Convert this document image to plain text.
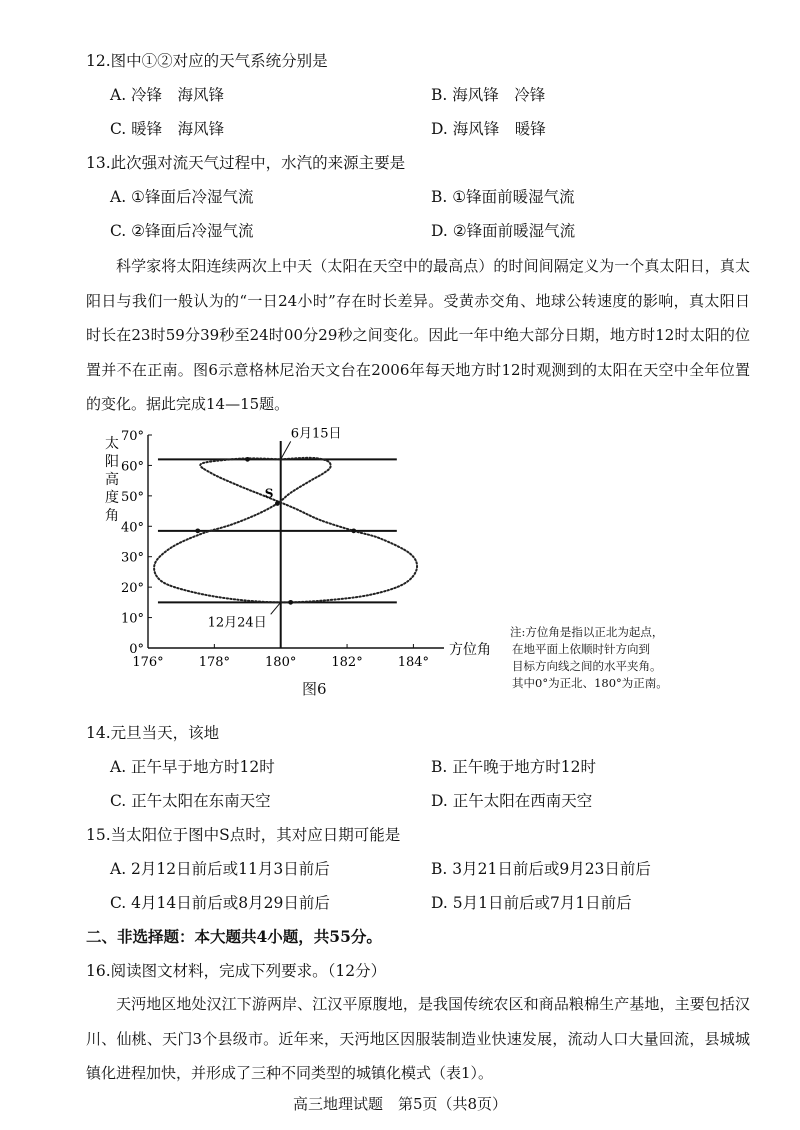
12.图中①②对应的天气系统分别是
A. 冷锋　海风锋	B. 海风锋　冷锋
C. 暖锋　海风锋	D. 海风锋　暖锋
13.此次强对流天气过程中，水汽的来源主要是
A. ①锋面后冷湿气流	B. ①锋面前暖湿气流
C. ②锋面后冷湿气流	D. ②锋面前暖湿气流
科学家将太阳连续两次上中天（太阳在天空中的最高点）的时间间隔定义为一个真太阳日，真太阳日与我们一般认为的“一日24小时”存在时长差异。受黄赤交角、地球公转速度的影响，真太阳日时长在23时59分39秒至24时00分29秒之间变化。因此一年中绝大部分日期，地方时12时太阳的位置并不在正南。图6示意格林尼治天文台在2006年每天地方时12时观测到的太阳在天空中全年位置的变化。据此完成14—15题。
太
阳
高
度
角
0°
10°
20°
30°
40°
50°
60°
70°
176°	178°	180°	182°	184°
6月15日
12月24日
S
方位角
图6
注:方位角是指以正北为起点，
在地平面上依顺时针方向到
目标方向线之间的水平夹角。
其中0°为正北、180°为正南。
14.元旦当天，该地
A. 正午早于地方时12时	B. 正午晚于地方时12时
C. 正午太阳在东南天空	D. 正午太阳在西南天空
15.当太阳位于图中S点时，其对应日期可能是
A. 2月12日前后或11月3日前后	B. 3月21日前后或9月23日前后
C. 4月14日前后或8月29日前后	D. 5月1日前后或7月1日前后
二、非选择题：本大题共4小题，共55分。
16.阅读图文材料，完成下列要求。（12分）
天沔地区地处汉江下游两岸、江汉平原腹地，是我国传统农区和商品粮棉生产基地，主要包括汉川、仙桃、天门3个县级市。近年来，天沔地区因服装制造业快速发展，流动人口大量回流，县城城镇化进程加快，并形成了三种不同类型的城镇化模式（表1）。
高三地理试题　第5页（共8页）
